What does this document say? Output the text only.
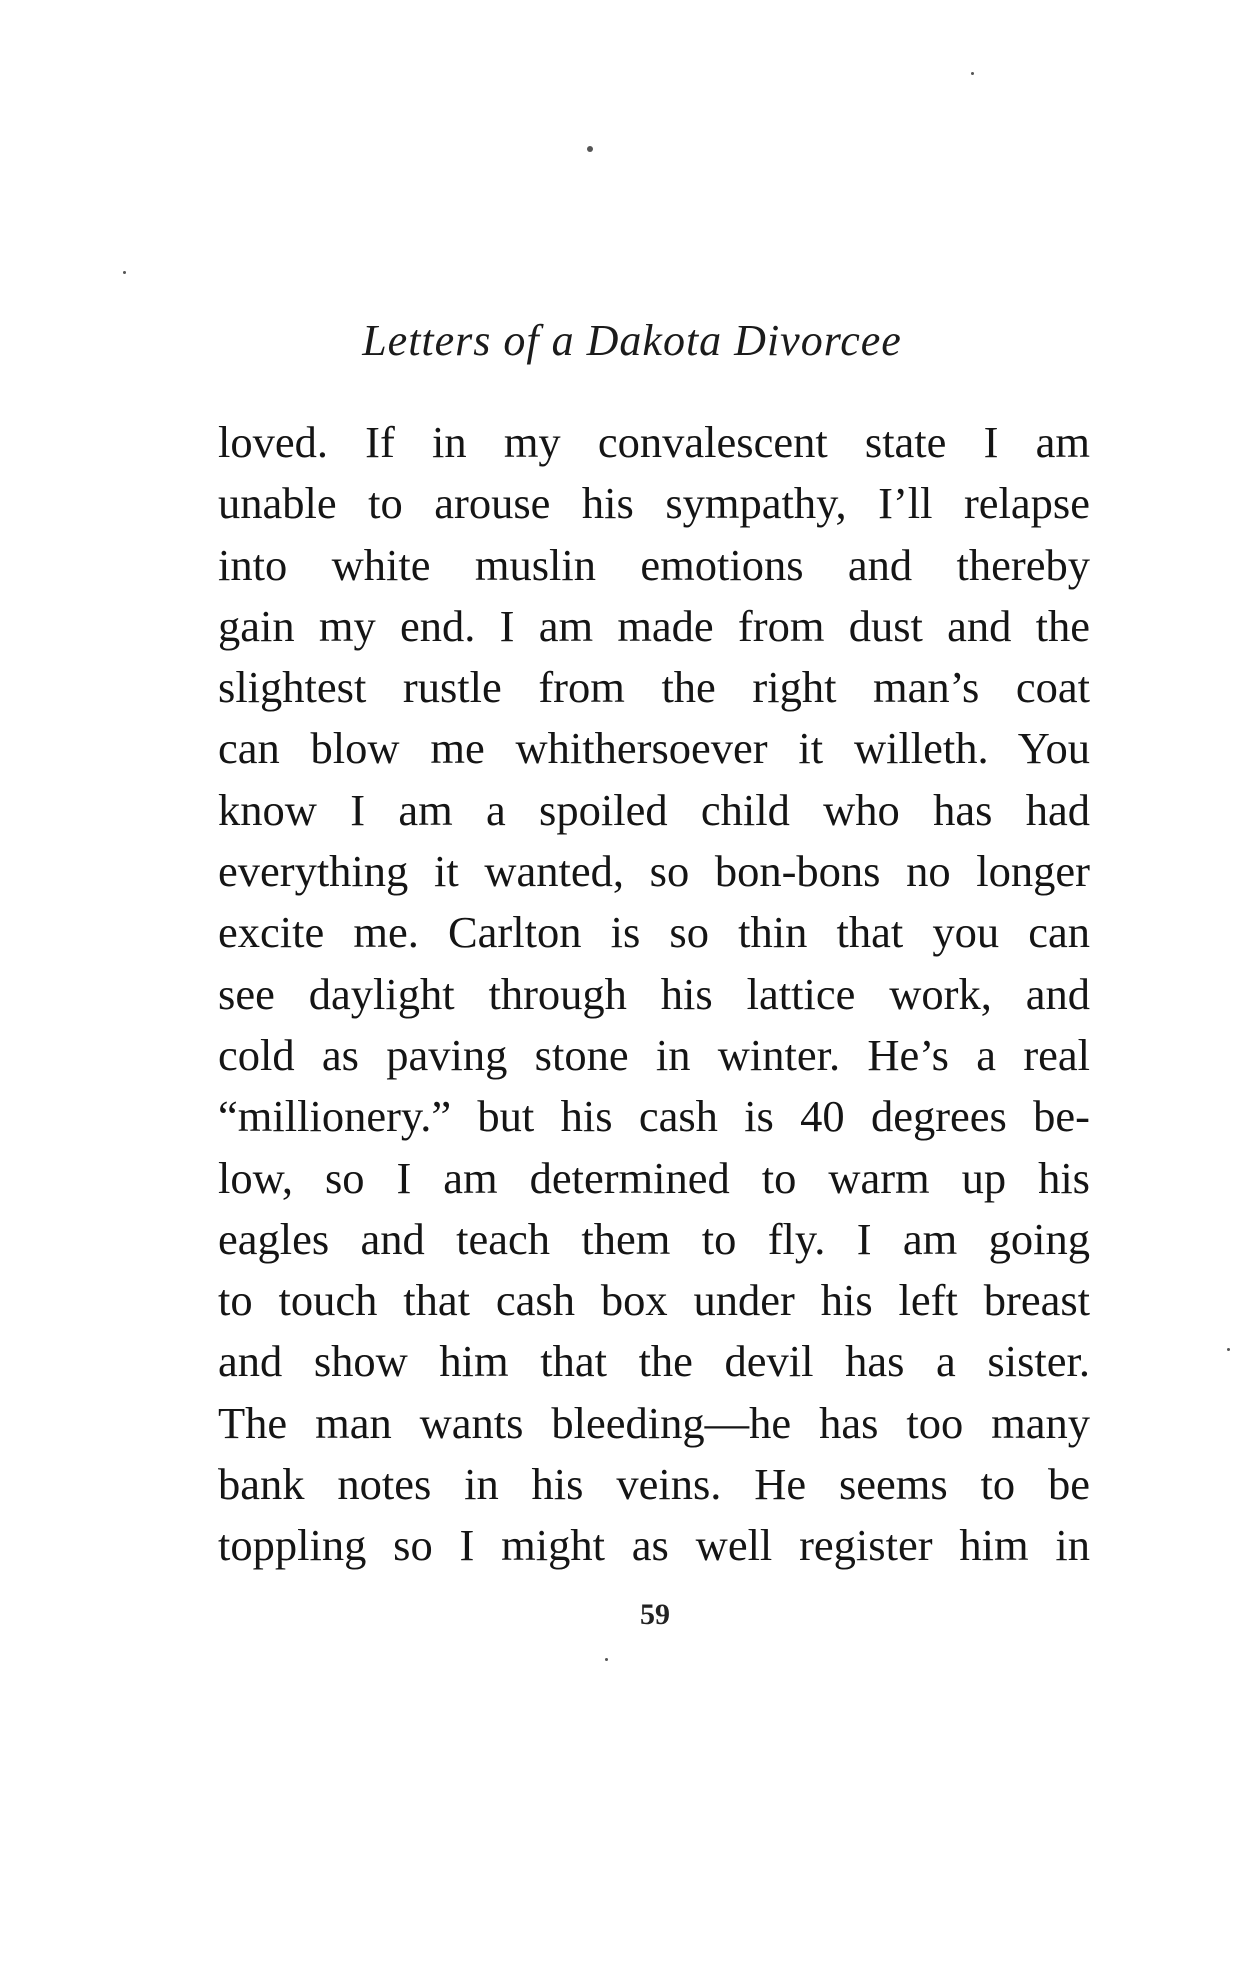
Letters of a Dakota Divorcee
loved. If in my convalescent state I am
unable to arouse his sympathy, I’ll relapse
into white muslin emotions and thereby
gain my end. I am made from dust and the
slightest rustle from the right man’s coat
can blow me whithersoever it willeth. You
know I am a spoiled child who has had
everything it wanted, so bon-bons no longer
excite me. Carlton is so thin that you can
see daylight through his lattice work, and
cold as paving stone in winter. He’s a real
“millionery.” but his cash is 40 degrees be-
low, so I am determined to warm up his
eagles and teach them to fly. I am going
to touch that cash box under his left breast
and show him that the devil has a sister.
The man wants bleeding—he has too many
bank notes in his veins. He seems to be
toppling so I might as well register him in
59
